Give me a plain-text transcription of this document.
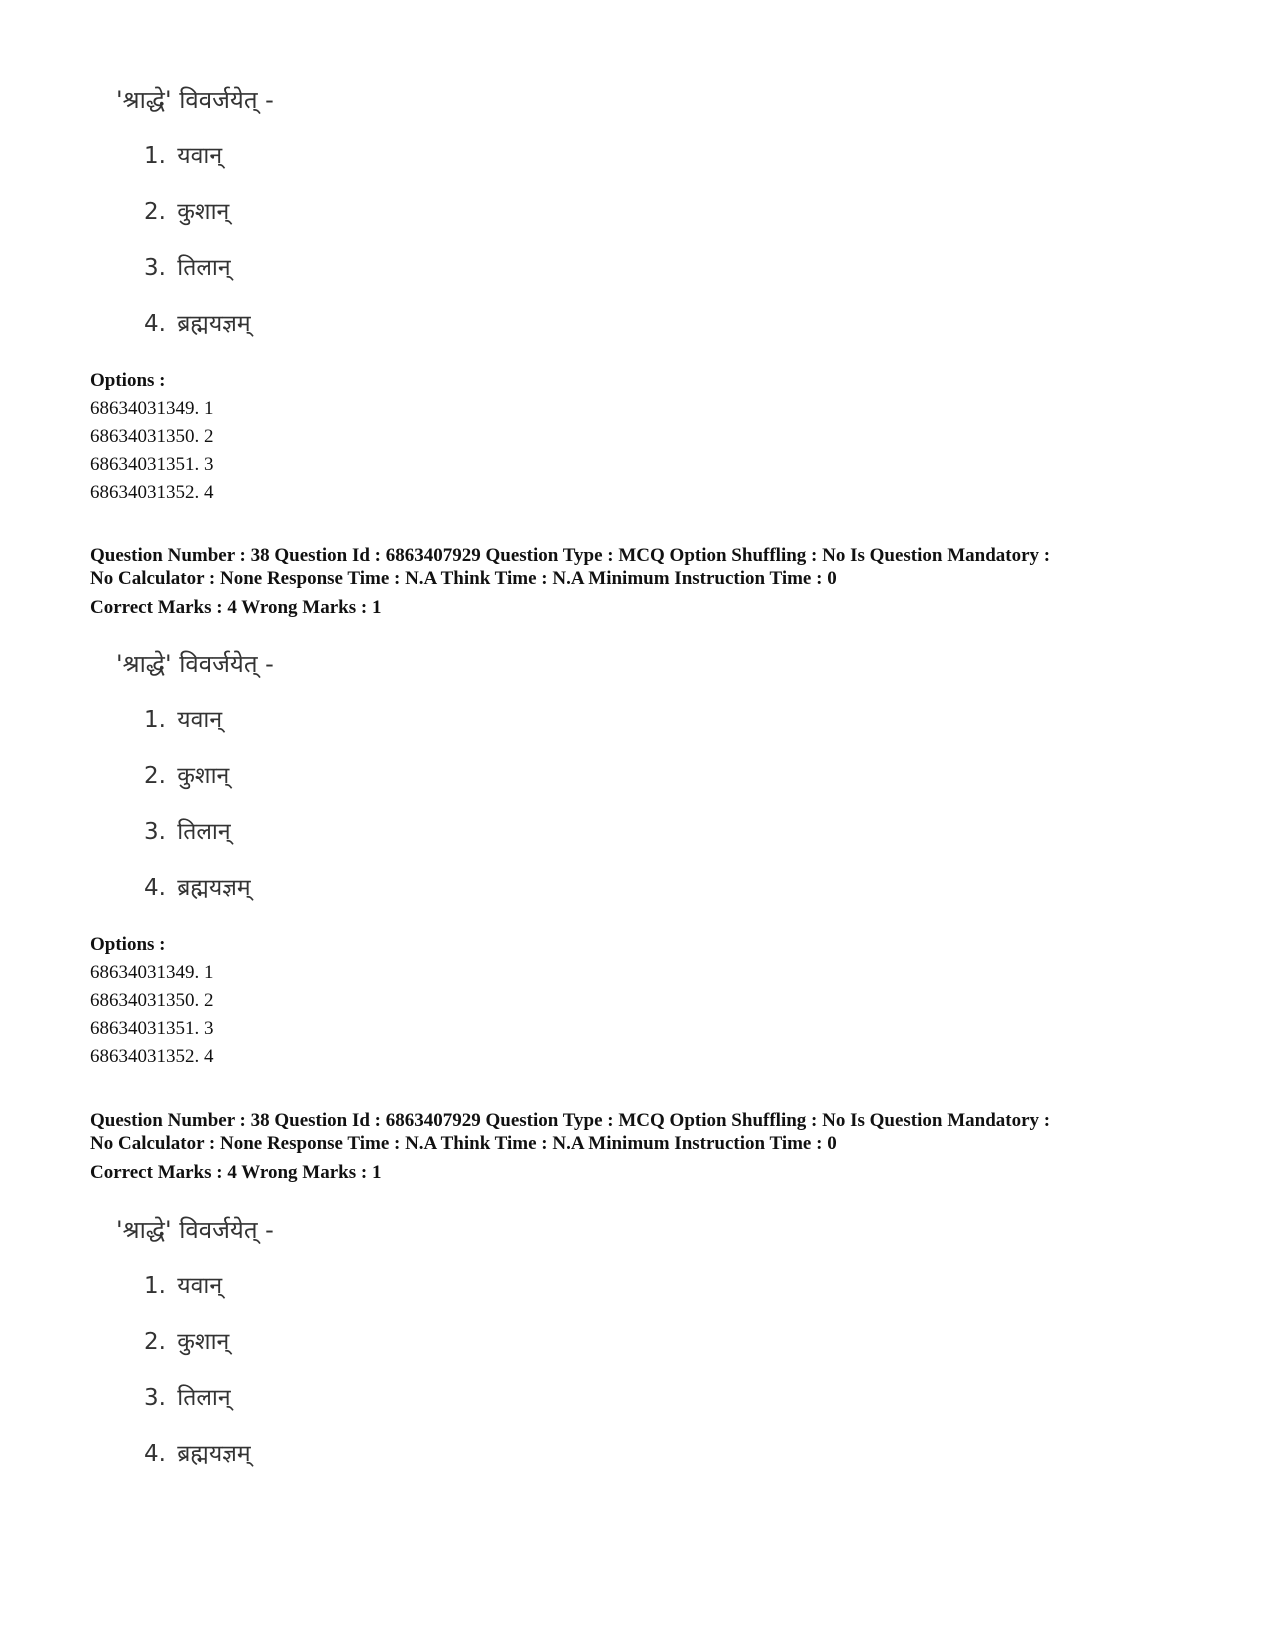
'श्राद्धे' विवर्जयेत् -
1. यवान्
2. कुशान्
3. तिलान्
4. ब्रह्मयज्ञम्

Options :

68634031349. 1

68634031350. 2

68634031351. 3

68634031352. 4

Question Number : 38 Question Id : 6863407929 Question Type : MCQ Option Shuffling : No Is Question Mandatory :

No Calculator : None Response Time : N.A Think Time : N.A Minimum Instruction Time : 0

Correct Marks : 4 Wrong Marks : 1

'श्राद्धे' विवर्जयेत् -
1. यवान्
2. कुशान्
3. तिलान्
4. ब्रह्मयज्ञम्

Options :

68634031349. 1

68634031350. 2

68634031351. 3

68634031352. 4

Question Number : 38 Question Id : 6863407929 Question Type : MCQ Option Shuffling : No Is Question Mandatory :

No Calculator : None Response Time : N.A Think Time : N.A Minimum Instruction Time : 0

Correct Marks : 4 Wrong Marks : 1

'श्राद्धे' विवर्जयेत् -
1. यवान्
2. कुशान्
3. तिलान्
4. ब्रह्मयज्ञम्
